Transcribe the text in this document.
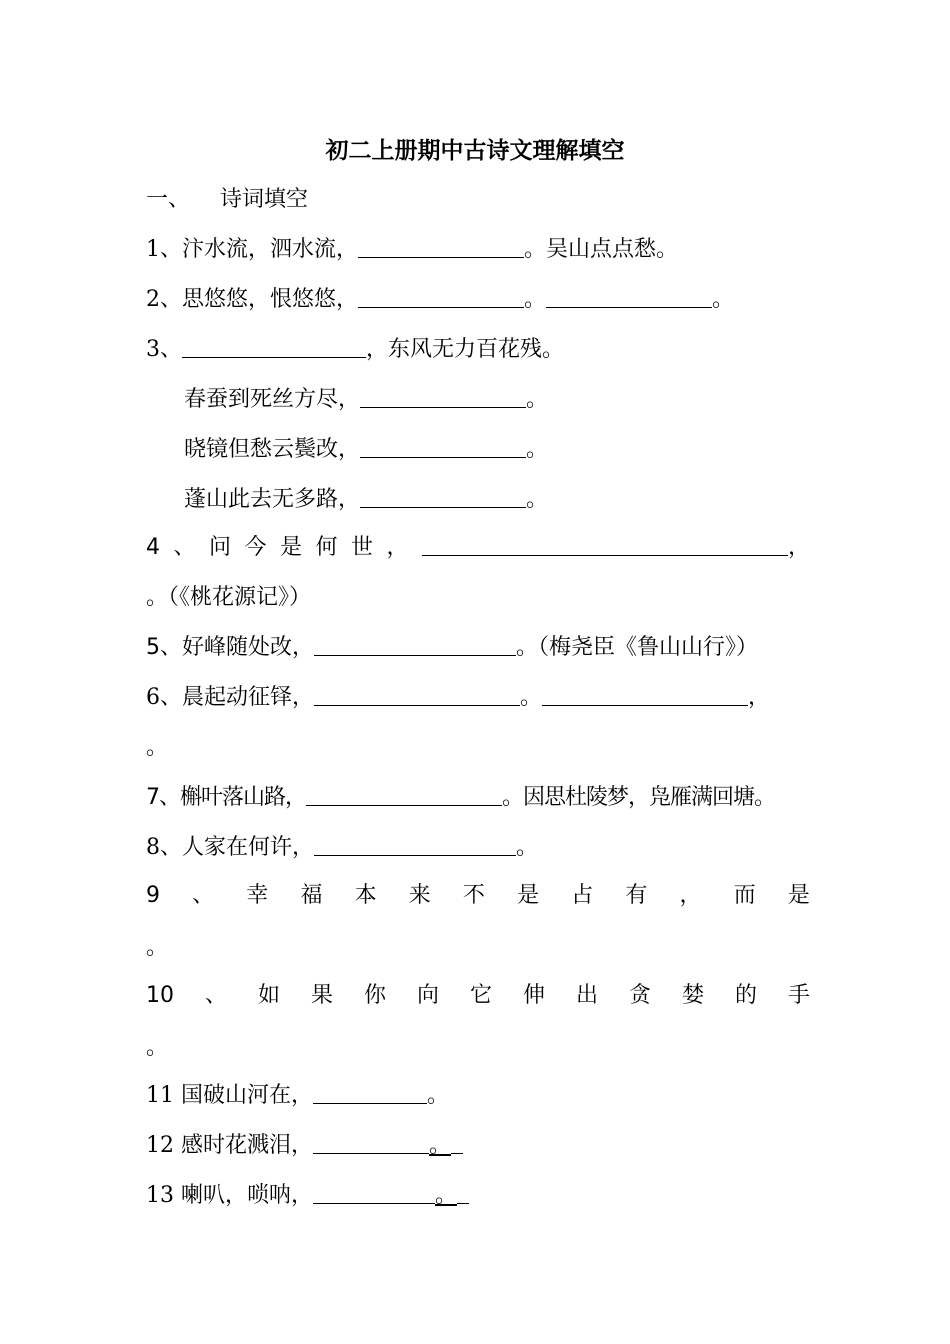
初二上册期中古诗文理解填空
一、 诗词填空
1、汴水流，泗水流，	。吴山点点愁。
2、思悠悠，恨悠悠，	。	。
3、	，东风无力百花残。
春蚕到死丝方尽，	。
晓镜但愁云鬓改，	。
蓬山此去无多路，	。
4 、 问 今 是 何 世 ，	，
。（《桃花源记》）
5、好峰随处改，	。（梅尧臣《鲁山山行》）
6、晨起动征铎，	。	，
。
7、槲叶落山路，	。因思杜陵梦，凫雁满回塘。
8、人家在何许，	。
9 、 幸 福 本 来 不 是 占 有 ， 而 是
。
10 、 如 果 你 向 它 伸 出 贪 婪 的 手
。
11 国破山河在，	。
12 感时花溅泪，	。
13 喇叭，唢呐，	。
